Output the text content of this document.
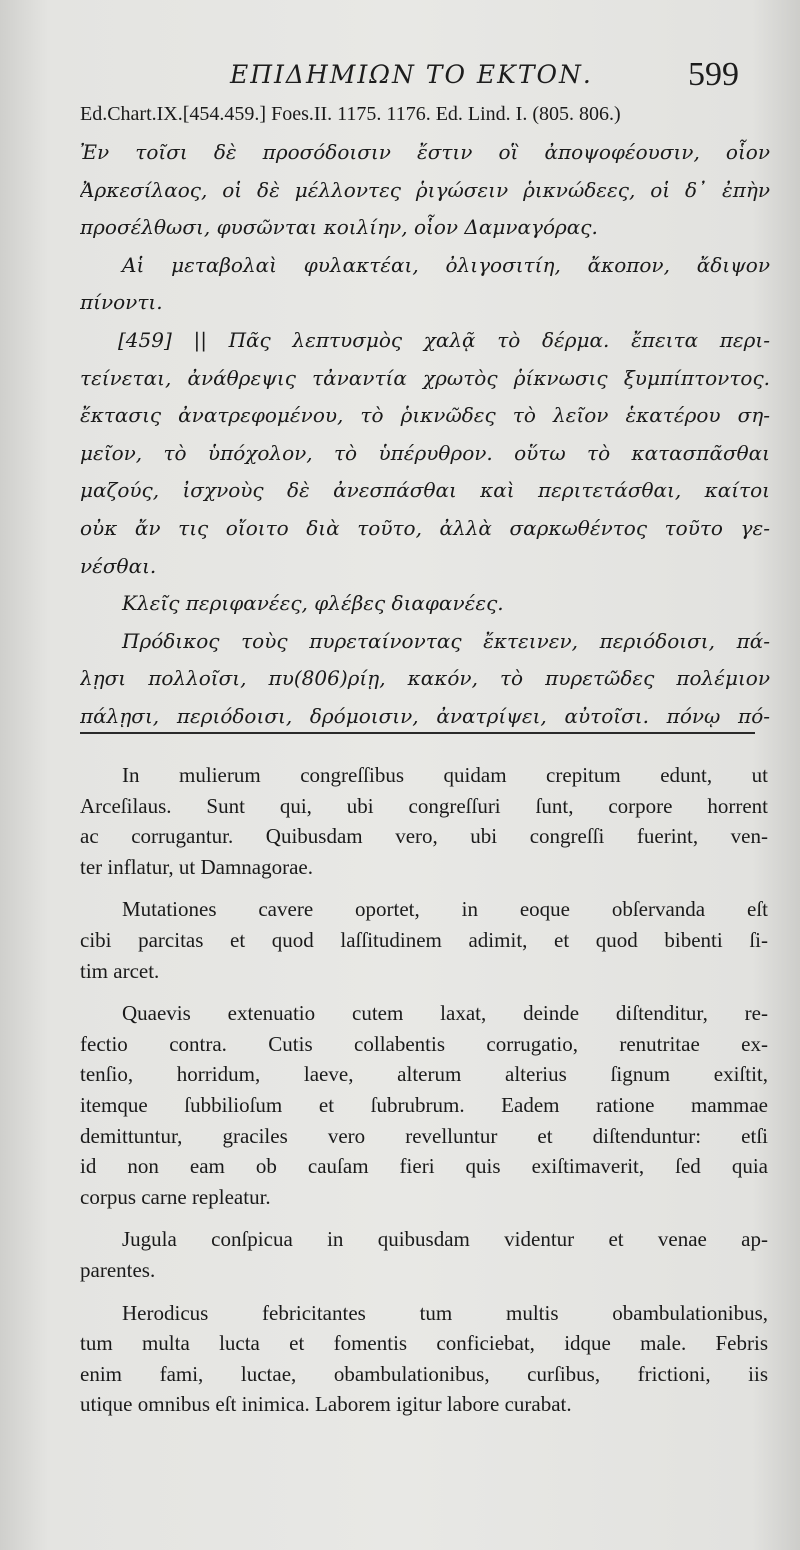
ΕΠΙΔΗΜΙΩΝ ΤΟ ΕΚΤΟΝ.	599
Ed.Chart.IX.[454.459.] Foes.II. 1175. 1176. Ed. Lind. I. (805. 806.)
Ἐν τοῖσι δὲ προσόδοισιν ἔστιν οἳ ἀποψοφέουσιν, οἷον
Ἀρκεσίλαος, οἱ δὲ μέλλοντες ῥιγώσειν ῥικνώδεες, οἱ δ᾽ ἐπὴν
προσέλθωσι, φυσῶνται κοιλίην, οἷον Δαμναγόρας.
Αἱ μεταβολαὶ φυλακτέαι, ὀλιγοσιτίη, ἄκοπον, ἄδιψον
πίνοντι.
[459] || Πᾶς λεπτυσμὸς χαλᾷ τὸ δέρμα. ἔπειτα περι-
τείνεται, ἀνάθρεψις τἀναντία χρωτὸς ῥίκνωσις ξυμπίπτοντος.
ἔκτασις ἀνατρεφομένου, τὸ ῥικνῶδες τὸ λεῖον ἑκατέρου ση-
μεῖον, τὸ ὑπόχολον, τὸ ὑπέρυθρον. οὕτω τὸ κατασπᾶσθαι
μαζούς, ἰσχνοὺς δὲ ἀνεσπάσθαι καὶ περιτετάσθαι, καίτοι
οὐκ ἄν τις οἴοιτο διὰ τοῦτο, ἀλλὰ σαρκωθέντος τοῦτο γε-
νέσθαι.
Κλεῖς περιφανέες, φλέβες διαφανέες.
Πρόδικος τοὺς πυρεταίνοντας ἔκτεινεν, περιόδοισι, πά-
λῃσι πολλοῖσι, πυ(806)ρίῃ, κακόν, τὸ πυρετῶδες πολέμιον
πάλῃσι, περιόδοισι, δρόμοισιν, ἀνατρίψει, αὐτοῖσι. πόνῳ πό-
In mulierum congreſſibus quidam crepitum edunt, ut
Arceſilaus. Sunt qui, ubi congreſſuri ſunt, corpore horrent
ac corrugantur. Quibusdam vero, ubi congreſſi fuerint, ven-
ter inflatur, ut Damnagorae.
Mutationes cavere oportet, in eoque obſervanda eſt
cibi parcitas et quod laſſitudinem adimit, et quod bibenti ſi-
tim arcet.
Quaevis extenuatio cutem laxat, deinde diſtenditur, re-
fectio contra. Cutis collabentis corrugatio, renutritae ex-
tenſio, horridum, laeve, alterum alterius ſignum exiſtit,
itemque ſubbilioſum et ſubrubrum. Eadem ratione mammae
demittuntur, graciles vero revelluntur et diſtenduntur: etſi
id non eam ob cauſam fieri quis exiſtimaverit, ſed quia
corpus carne repleatur.
Jugula conſpicua in quibusdam videntur et venae ap-
parentes.
Herodicus febricitantes tum multis obambulationibus,
tum multa lucta et fomentis conficiebat, idque male. Febris
enim fami, luctae, obambulationibus, curſibus, frictioni, iis
utique omnibus eſt inimica. Laborem igitur labore curabat.
